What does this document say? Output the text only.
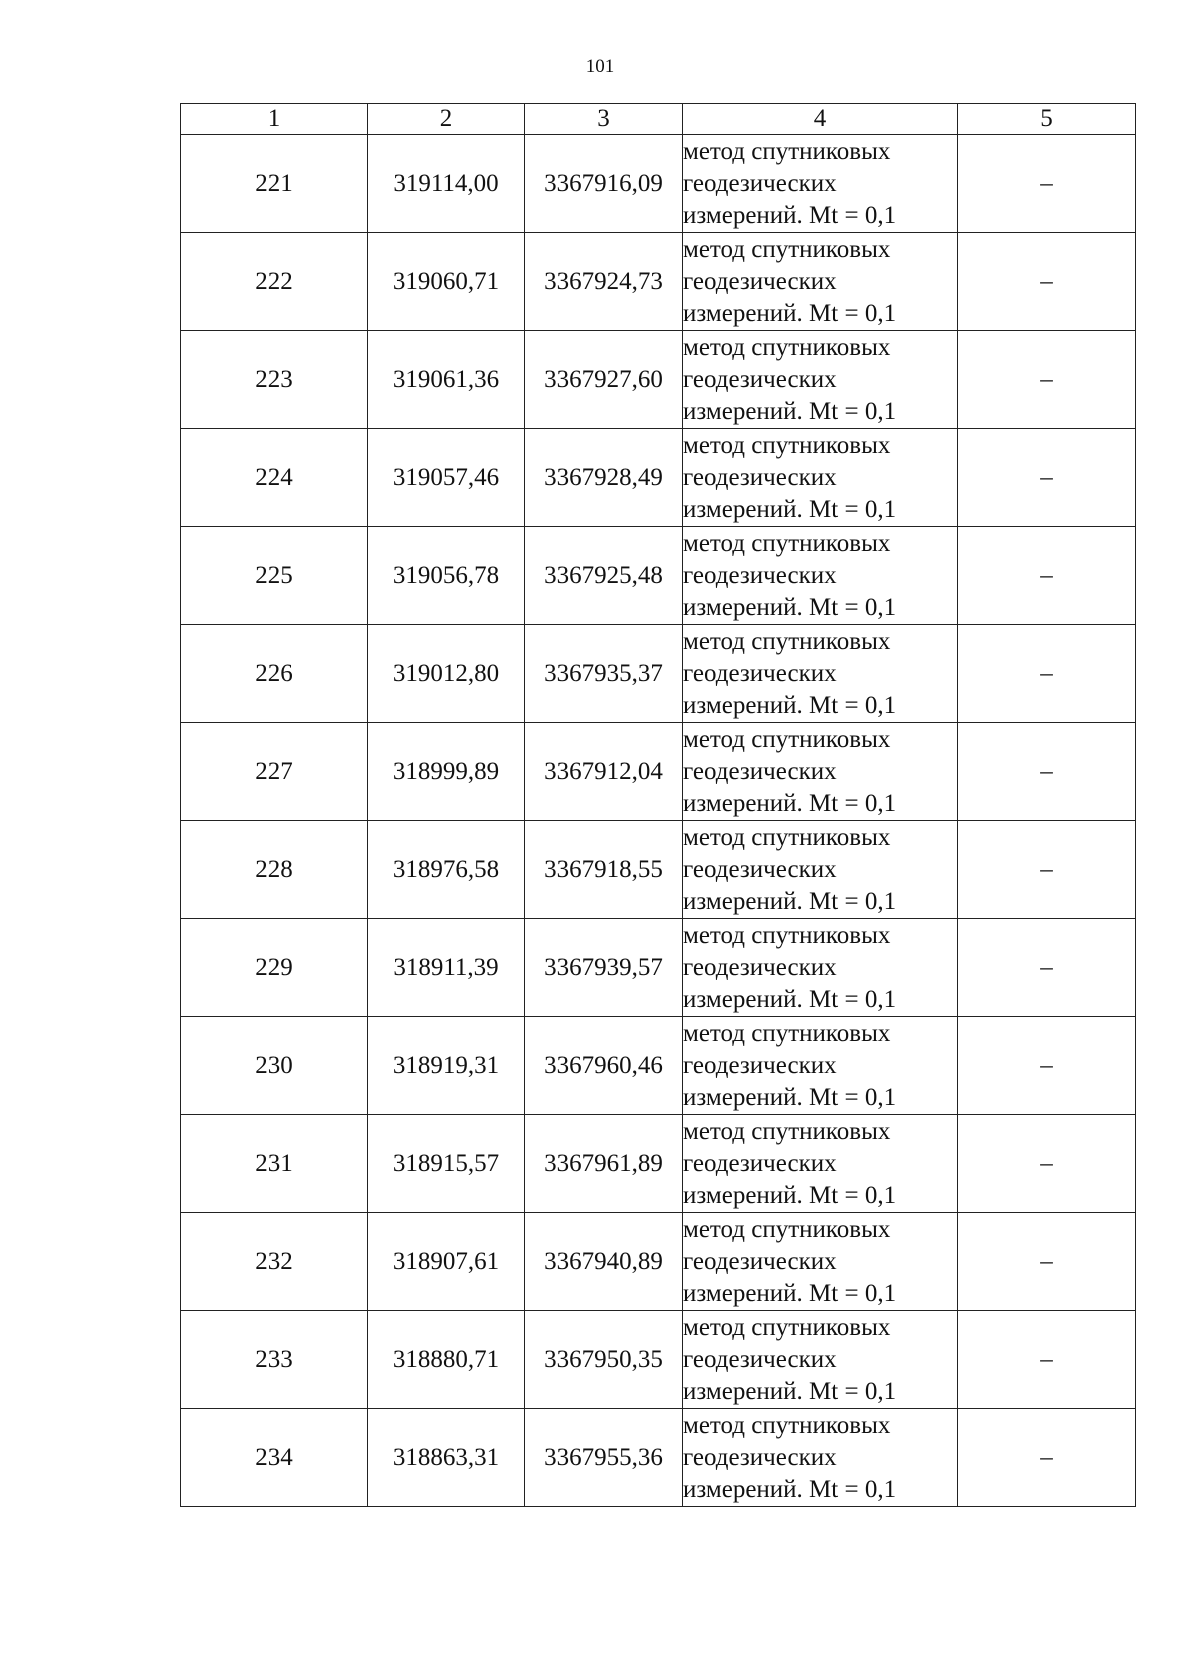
101
1	2	3	4	5
221	319114,00	3367916,09	метод спутниковых
геодезических
измерений. Mt = 0,1	–
222	319060,71	3367924,73	метод спутниковых
геодезических
измерений. Mt = 0,1	–
223	319061,36	3367927,60	метод спутниковых
геодезических
измерений. Mt = 0,1	–
224	319057,46	3367928,49	метод спутниковых
геодезических
измерений. Mt = 0,1	–
225	319056,78	3367925,48	метод спутниковых
геодезических
измерений. Mt = 0,1	–
226	319012,80	3367935,37	метод спутниковых
геодезических
измерений. Mt = 0,1	–
227	318999,89	3367912,04	метод спутниковых
геодезических
измерений. Mt = 0,1	–
228	318976,58	3367918,55	метод спутниковых
геодезических
измерений. Mt = 0,1	–
229	318911,39	3367939,57	метод спутниковых
геодезических
измерений. Mt = 0,1	–
230	318919,31	3367960,46	метод спутниковых
геодезических
измерений. Mt = 0,1	–
231	318915,57	3367961,89	метод спутниковых
геодезических
измерений. Mt = 0,1	–
232	318907,61	3367940,89	метод спутниковых
геодезических
измерений. Mt = 0,1	–
233	318880,71	3367950,35	метод спутниковых
геодезических
измерений. Mt = 0,1	–
234	318863,31	3367955,36	метод спутниковых
геодезических
измерений. Mt = 0,1	–
